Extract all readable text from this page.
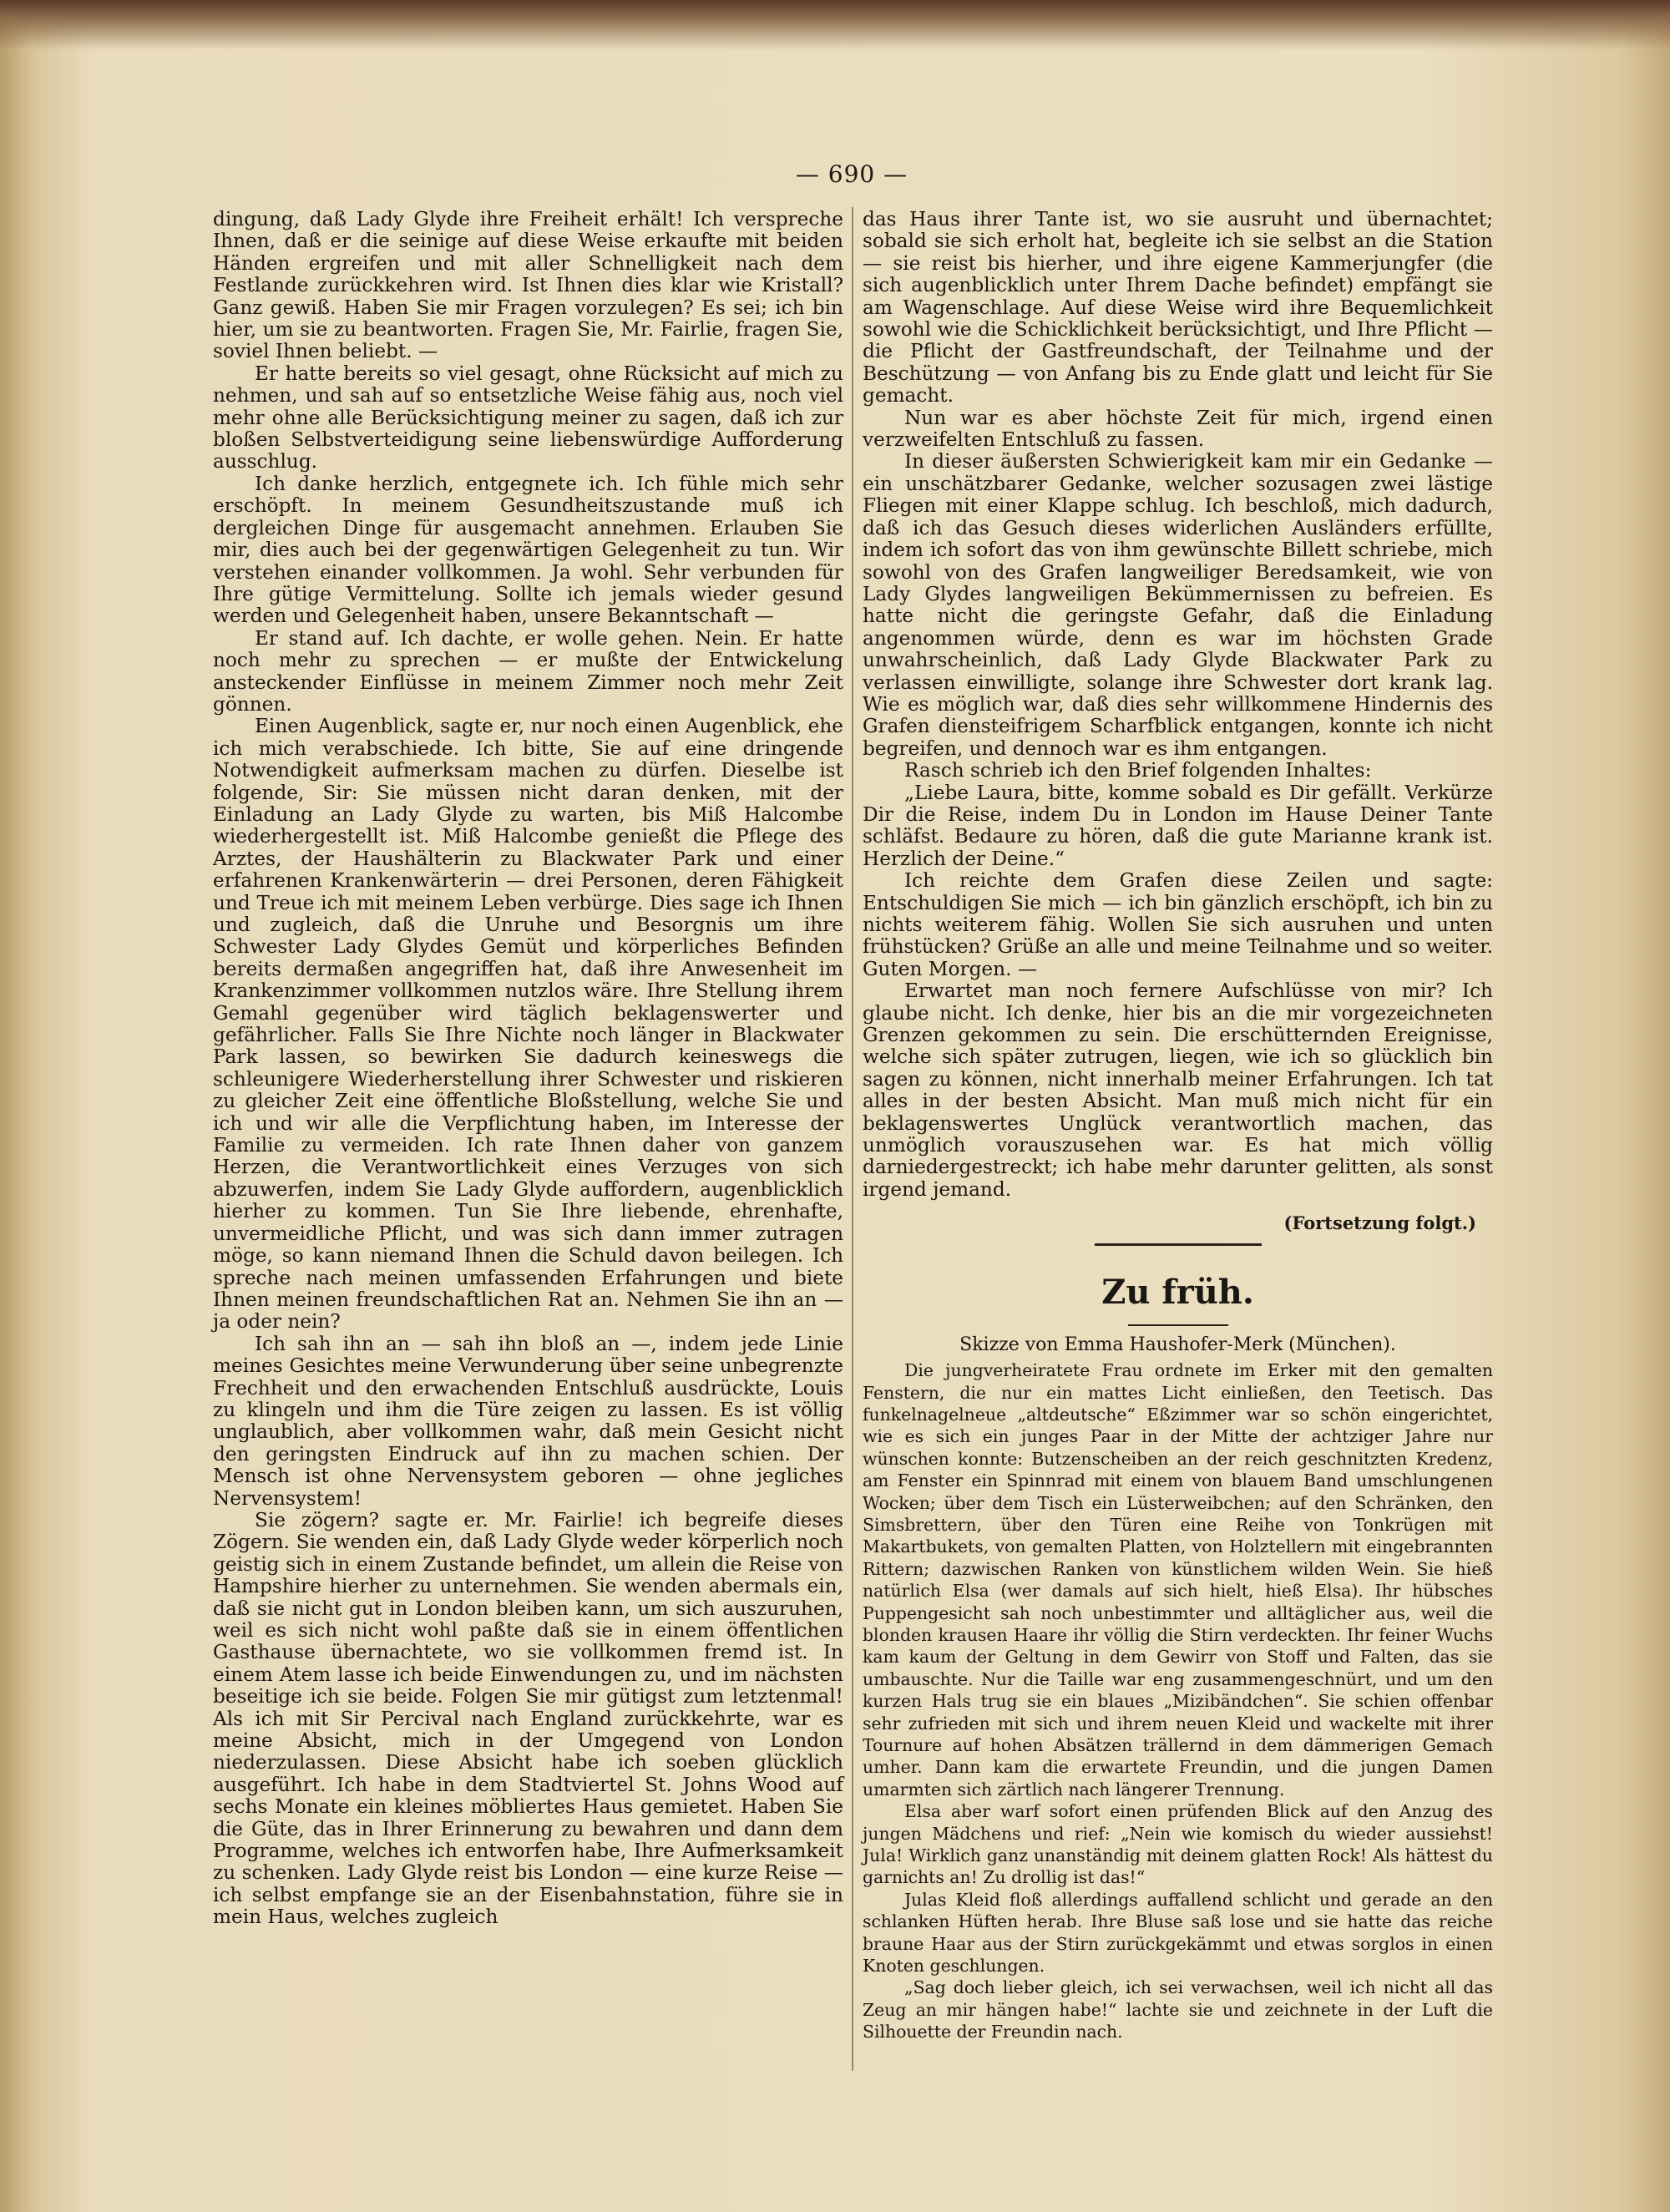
— 690 —

dingung, daß Lady Glyde ihre Freiheit erhält! Ich verspreche Ihnen, daß er die seinige auf diese Weise erkaufte mit beiden Händen ergreifen und mit aller Schnelligkeit nach dem Festlande zurückkehren wird. Ist Ihnen dies klar wie Kristall? Ganz gewiß. Haben Sie mir Fragen vorzulegen? Es sei; ich bin hier, um sie zu beantworten. Fragen Sie, Mr. Fairlie, fragen Sie, soviel Ihnen beliebt. —

Er hatte bereits so viel gesagt, ohne Rücksicht auf mich zu nehmen, und sah auf so entsetzliche Weise fähig aus, noch viel mehr ohne alle Berücksichtigung meiner zu sagen, daß ich zur bloßen Selbstverteidigung seine liebenswürdige Aufforderung ausschlug.

Ich danke herzlich, entgegnete ich. Ich fühle mich sehr erschöpft. In meinem Gesundheitszustande muß ich dergleichen Dinge für ausgemacht annehmen. Erlauben Sie mir, dies auch bei der gegenwärtigen Gelegenheit zu tun. Wir verstehen einander vollkommen. Ja wohl. Sehr verbunden für Ihre gütige Vermittelung. Sollte ich jemals wieder gesund werden und Gelegenheit haben, unsere Bekanntschaft —

Er stand auf. Ich dachte, er wolle gehen. Nein. Er hatte noch mehr zu sprechen — er mußte der Entwickelung ansteckender Einflüsse in meinem Zimmer noch mehr Zeit gönnen.

Einen Augenblick, sagte er, nur noch einen Augenblick, ehe ich mich verabschiede. Ich bitte, Sie auf eine dringende Notwendigkeit aufmerksam machen zu dürfen. Dieselbe ist folgende, Sir: Sie müssen nicht daran denken, mit der Einladung an Lady Glyde zu warten, bis Miß Halcombe wiederhergestellt ist. Miß Halcombe genießt die Pflege des Arztes, der Haushälterin zu Blackwater Park und einer erfahrenen Krankenwärterin — drei Personen, deren Fähigkeit und Treue ich mit meinem Leben verbürge. Dies sage ich Ihnen und zugleich, daß die Unruhe und Besorgnis um ihre Schwester Lady Glydes Gemüt und körperliches Befinden bereits dermaßen angegriffen hat, daß ihre Anwesenheit im Krankenzimmer vollkommen nutzlos wäre. Ihre Stellung ihrem Gemahl gegenüber wird täglich beklagenswerter und gefährlicher. Falls Sie Ihre Nichte noch länger in Blackwater Park lassen, so bewirken Sie dadurch keineswegs die schleunigere Wiederherstellung ihrer Schwester und riskieren zu gleicher Zeit eine öffentliche Bloßstellung, welche Sie und ich und wir alle die Verpflichtung haben, im Interesse der Familie zu vermeiden. Ich rate Ihnen daher von ganzem Herzen, die Verantwortlichkeit eines Verzuges von sich abzuwerfen, indem Sie Lady Glyde auffordern, augenblicklich hierher zu kommen. Tun Sie Ihre liebende, ehrenhafte, unvermeidliche Pflicht, und was sich dann immer zutragen möge, so kann niemand Ihnen die Schuld davon beilegen. Ich spreche nach meinen umfassenden Erfahrungen und biete Ihnen meinen freundschaftlichen Rat an. Nehmen Sie ihn an — ja oder nein?

Ich sah ihn an — sah ihn bloß an —, indem jede Linie meines Gesichtes meine Verwunderung über seine unbegrenzte Frechheit und den erwachenden Entschluß ausdrückte, Louis zu klingeln und ihm die Türe zeigen zu lassen. Es ist völlig unglaublich, aber vollkommen wahr, daß mein Gesicht nicht den geringsten Eindruck auf ihn zu machen schien. Der Mensch ist ohne Nervensystem geboren — ohne jegliches Nervensystem!

Sie zögern? sagte er. Mr. Fairlie! ich begreife dieses Zögern. Sie wenden ein, daß Lady Glyde weder körperlich noch geistig sich in einem Zustande befindet, um allein die Reise von Hampshire hierher zu unternehmen. Sie wenden abermals ein, daß sie nicht gut in London bleiben kann, um sich auszuruhen, weil es sich nicht wohl paßte daß sie in einem öffentlichen Gasthause übernachtete, wo sie vollkommen fremd ist. In einem Atem lasse ich beide Einwendungen zu, und im nächsten beseitige ich sie beide. Folgen Sie mir gütigst zum letztenmal! Als ich mit Sir Percival nach England zurückkehrte, war es meine Absicht, mich in der Umgegend von London niederzulassen. Diese Absicht habe ich soeben glücklich ausgeführt. Ich habe in dem Stadtviertel St. Johns Wood auf sechs Monate ein kleines möbliertes Haus gemietet. Haben Sie die Güte, das in Ihrer Erinnerung zu bewahren und dann dem Programme, welches ich entworfen habe, Ihre Aufmerksamkeit zu schenken. Lady Glyde reist bis London — eine kurze Reise — ich selbst empfange sie an der Eisenbahnstation, führe sie in mein Haus, welches zugleich

das Haus ihrer Tante ist, wo sie ausruht und übernachtet; sobald sie sich erholt hat, begleite ich sie selbst an die Station — sie reist bis hierher, und ihre eigene Kammerjungfer (die sich augenblicklich unter Ihrem Dache befindet) empfängt sie am Wagenschlage. Auf diese Weise wird ihre Bequemlichkeit sowohl wie die Schicklichkeit berücksichtigt, und Ihre Pflicht — die Pflicht der Gastfreundschaft, der Teilnahme und der Beschützung — von Anfang bis zu Ende glatt und leicht für Sie gemacht.

Nun war es aber höchste Zeit für mich, irgend einen verzweifelten Entschluß zu fassen.

In dieser äußersten Schwierigkeit kam mir ein Gedanke — ein unschätzbarer Gedanke, welcher sozusagen zwei lästige Fliegen mit einer Klappe schlug. Ich beschloß, mich dadurch, daß ich das Gesuch dieses widerlichen Ausländers erfüllte, indem ich sofort das von ihm gewünschte Billett schriebe, mich sowohl von des Grafen langweiliger Beredsamkeit, wie von Lady Glydes langweiligen Bekümmernissen zu befreien. Es hatte nicht die geringste Gefahr, daß die Einladung angenommen würde, denn es war im höchsten Grade unwahrscheinlich, daß Lady Glyde Blackwater Park zu verlassen einwilligte, solange ihre Schwester dort krank lag. Wie es möglich war, daß dies sehr willkommene Hindernis des Grafen diensteifrigem Scharfblick entgangen, konnte ich nicht begreifen, und dennoch war es ihm entgangen.

Rasch schrieb ich den Brief folgenden Inhaltes:

„Liebe Laura, bitte, komme sobald es Dir gefällt. Verkürze Dir die Reise, indem Du in London im Hause Deiner Tante schläfst. Bedaure zu hören, daß die gute Marianne krank ist. Herzlich der Deine.“

Ich reichte dem Grafen diese Zeilen und sagte: Entschuldigen Sie mich — ich bin gänzlich erschöpft, ich bin zu nichts weiterem fähig. Wollen Sie sich ausruhen und unten frühstücken? Grüße an alle und meine Teilnahme und so weiter. Guten Morgen. —

Erwartet man noch fernere Aufschlüsse von mir? Ich glaube nicht. Ich denke, hier bis an die mir vorgezeichneten Grenzen gekommen zu sein. Die erschütternden Ereignisse, welche sich später zutrugen, liegen, wie ich so glücklich bin sagen zu können, nicht innerhalb meiner Erfahrungen. Ich tat alles in der besten Absicht. Man muß mich nicht für ein beklagenswertes Unglück verantwortlich machen, das unmöglich vorauszusehen war. Es hat mich völlig darniedergestreckt; ich habe mehr darunter gelitten, als sonst irgend jemand.

(Fortsetzung folgt.)

Zu früh.

Skizze von Emma Haushofer-Merk (München).

Die jungverheiratete Frau ordnete im Erker mit den gemalten Fenstern, die nur ein mattes Licht einließen, den Teetisch. Das funkelnagelneue „altdeutsche“ Eßzimmer war so schön eingerichtet, wie es sich ein junges Paar in der Mitte der achtziger Jahre nur wünschen konnte: Butzenscheiben an der reich geschnitzten Kredenz, am Fenster ein Spinnrad mit einem von blauem Band umschlungenen Wocken; über dem Tisch ein Lüsterweibchen; auf den Schränken, den Simsbrettern, über den Türen eine Reihe von Tonkrügen mit Makartbukets, von gemalten Platten, von Holztellern mit eingebrannten Rittern; dazwischen Ranken von künstlichem wilden Wein. Sie hieß natürlich Elsa (wer damals auf sich hielt, hieß Elsa). Ihr hübsches Puppengesicht sah noch unbestimmter und alltäglicher aus, weil die blonden krausen Haare ihr völlig die Stirn verdeckten. Ihr feiner Wuchs kam kaum der Geltung in dem Gewirr von Stoff und Falten, das sie umbauschte. Nur die Taille war eng zusammengeschnürt, und um den kurzen Hals trug sie ein blaues „Mizibändchen“. Sie schien offenbar sehr zufrieden mit sich und ihrem neuen Kleid und wackelte mit ihrer Tournure auf hohen Absätzen trällernd in dem dämmerigen Gemach umher. Dann kam die erwartete Freundin, und die jungen Damen umarmten sich zärtlich nach längerer Trennung.

Elsa aber warf sofort einen prüfenden Blick auf den Anzug des jungen Mädchens und rief: „Nein wie komisch du wieder aussiehst! Jula! Wirklich ganz unanständig mit deinem glatten Rock! Als hättest du garnichts an! Zu drollig ist das!“

Julas Kleid floß allerdings auffallend schlicht und gerade an den schlanken Hüften herab. Ihre Bluse saß lose und sie hatte das reiche braune Haar aus der Stirn zurückgekämmt und etwas sorglos in einen Knoten geschlungen.

„Sag doch lieber gleich, ich sei verwachsen, weil ich nicht all das Zeug an mir hängen habe!“ lachte sie und zeichnete in der Luft die Silhouette der Freundin nach.
